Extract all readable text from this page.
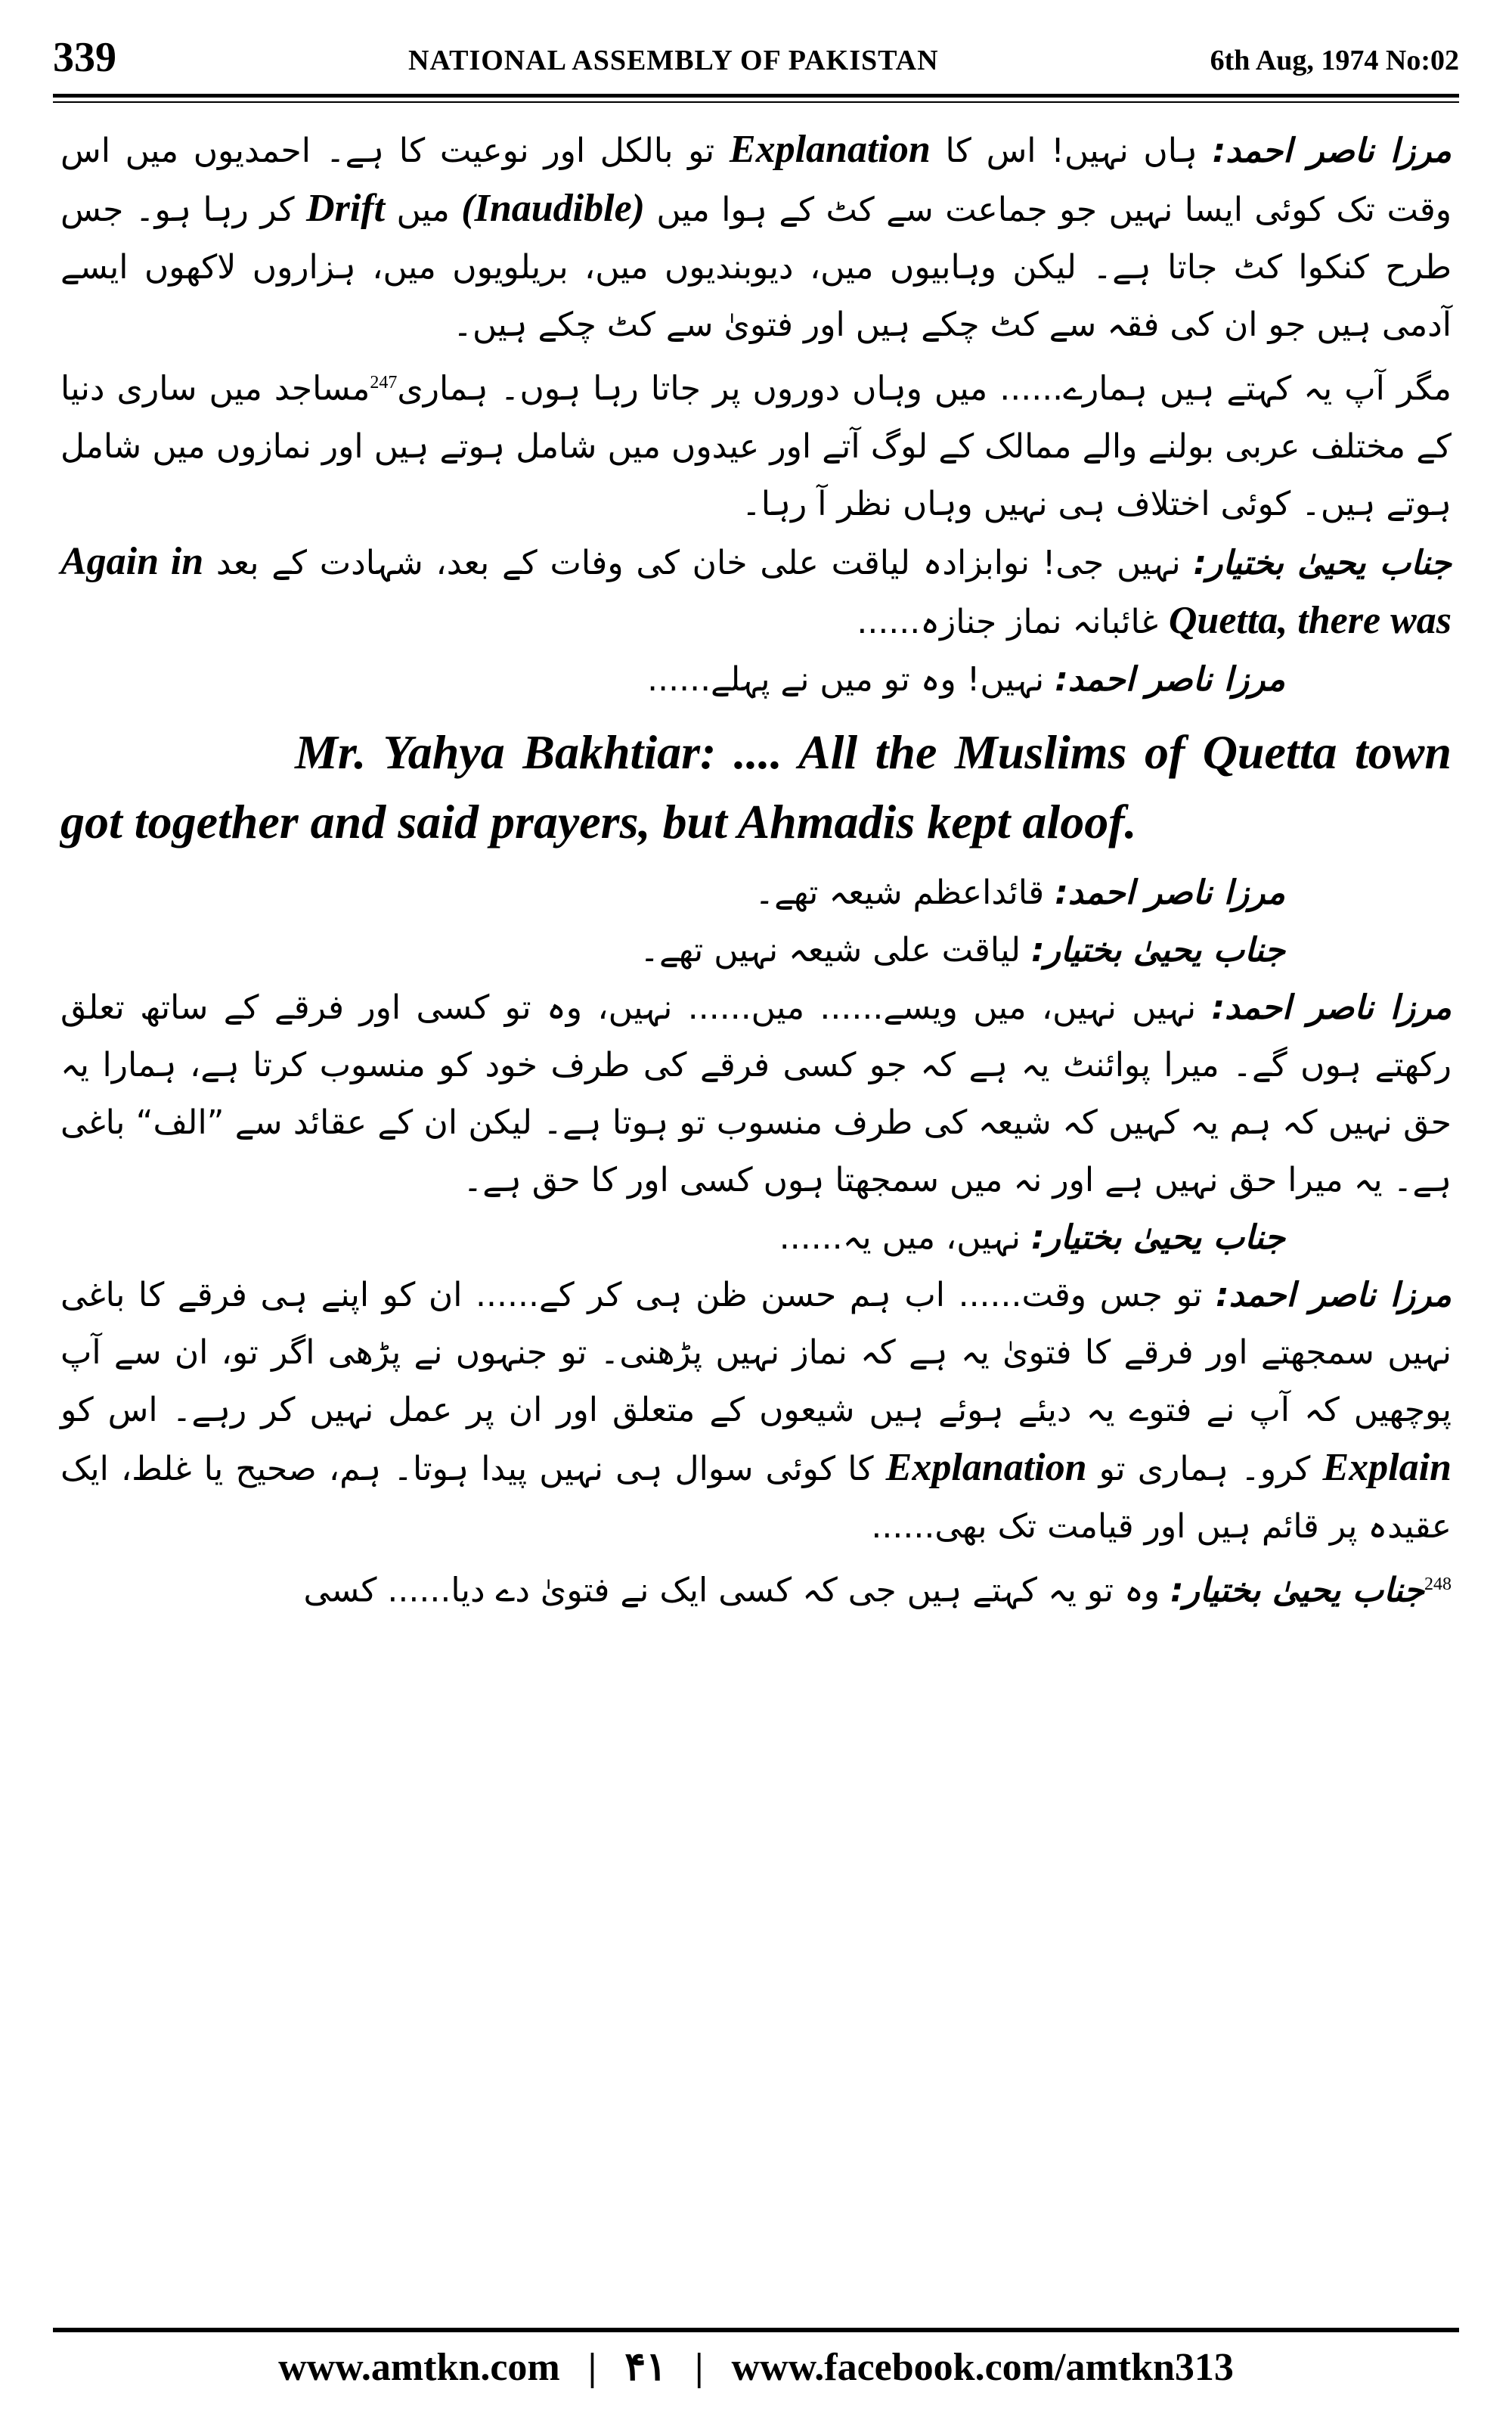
339	NATIONAL ASSEMBLY OF PAKISTAN	6th Aug, 1974 No:02

مرزا ناصر احمد: ہاں نہیں! اس کا Explanation تو بالکل اور نوعیت کا ہے۔ احمدیوں میں اس وقت تک کوئی ایسا نہیں جو جماعت سے کٹ کے ہوا میں (Inaudible) میں Drift کر رہا ہو۔ جس طرح کنکوا کٹ جاتا ہے۔ لیکن وہابیوں میں، دیوبندیوں میں، بریلویوں میں، ہزاروں لاکھوں ایسے آدمی ہیں جو ان کی فقہ سے کٹ چکے ہیں اور فتویٰ سے کٹ چکے ہیں۔

مگر آپ یہ کہتے ہیں ہمارے...... میں وہاں دوروں پر جاتا رہا ہوں۔ ہماری$^{247}$مساجد میں ساری دنیا کے مختلف عربی بولنے والے ممالک کے لوگ آتے اور عیدوں میں شامل ہوتے ہیں اور نمازوں میں شامل ہوتے ہیں۔ کوئی اختلاف ہی نہیں وہاں نظر آ رہا۔

جناب یحییٰ بختیار: نہیں جی! نوابزادہ لیاقت علی خان کی وفات کے بعد، شہادت کے بعد Again in Quetta, there was غائبانہ نماز جنازہ......

مرزا ناصر احمد: نہیں! وہ تو میں نے پہلے......

Mr. Yahya Bakhtiar: .... All the Muslims of Quetta town got together and said prayers, but Ahmadis kept aloof.

مرزا ناصر احمد: قائداعظم شیعہ تھے۔

جناب یحییٰ بختیار: لیاقت علی شیعہ نہیں تھے۔

مرزا ناصر احمد: نہیں نہیں، میں ویسے...... میں...... نہیں، وہ تو کسی اور فرقے کے ساتھ تعلق رکھتے ہوں گے۔ میرا پوائنٹ یہ ہے کہ جو کسی فرقے کی طرف خود کو منسوب کرتا ہے، ہمارا یہ حق نہیں کہ ہم یہ کہیں کہ شیعہ کی طرف منسوب تو ہوتا ہے۔ لیکن ان کے عقائد سے ”الف“ باغی ہے۔ یہ میرا حق نہیں ہے اور نہ میں سمجھتا ہوں کسی اور کا حق ہے۔

جناب یحییٰ بختیار: نہیں، میں یہ......

مرزا ناصر احمد: تو جس وقت...... اب ہم حسن ظن ہی کر کے...... ان کو اپنے ہی فرقے کا باغی نہیں سمجھتے اور فرقے کا فتویٰ یہ ہے کہ نماز نہیں پڑھنی۔ تو جنہوں نے پڑھی اگر تو، ان سے آپ پوچھیں کہ آپ نے فتوے یہ دیئے ہوئے ہیں شیعوں کے متعلق اور ان پر عمل نہیں کر رہے۔ اس کو Explain کرو۔ ہماری تو Explanation کا کوئی سوال ہی نہیں پیدا ہوتا۔ ہم، صحیح یا غلط، ایک عقیدہ پر قائم ہیں اور قیامت تک بھی......

$^{248}$جناب یحییٰ بختیار: وہ تو یہ کہتے ہیں جی کہ کسی ایک نے فتویٰ دے دیا...... کسی

www.amtkn.com | ۴۱ | www.facebook.com/amtkn313
